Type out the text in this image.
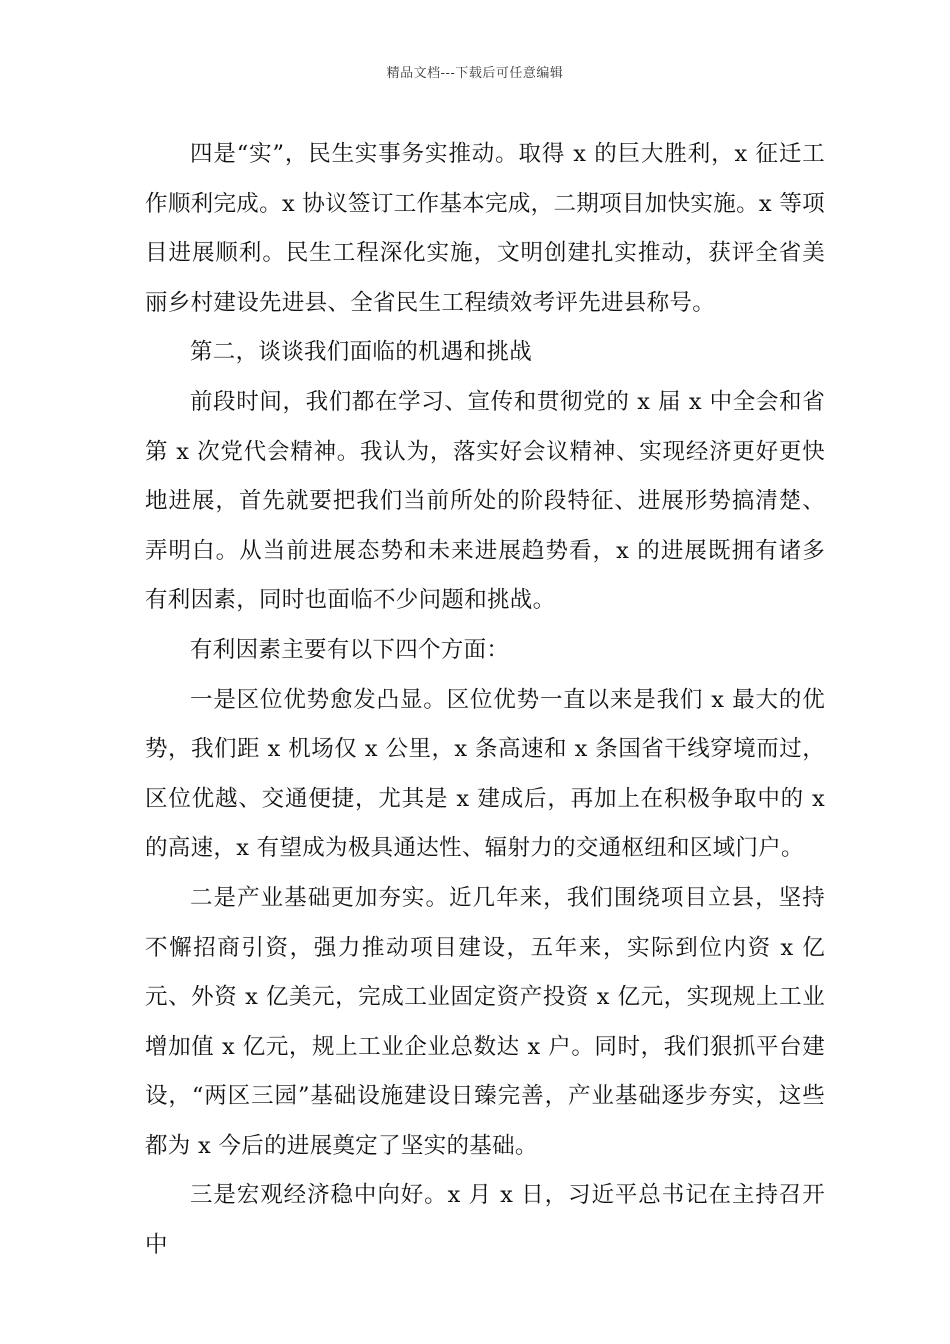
精品文档---下载后可任意编辑

四是“实”，民生实事务实推动。取得 x 的巨大胜利，x 征迁工作顺利完成。x 协议签订工作基本完成，二期项目加快实施。x 等项目进展顺利。民生工程深化实施，文明创建扎实推动，获评全省美丽乡村建设先进县、全省民生工程绩效考评先进县称号。

第二，谈谈我们面临的机遇和挑战

前段时间，我们都在学习、宣传和贯彻党的 x 届 x 中全会和省第 x 次党代会精神。我认为，落实好会议精神、实现经济更好更快地进展，首先就要把我们当前所处的阶段特征、进展形势搞清楚、弄明白。从当前进展态势和未来进展趋势看，x 的进展既拥有诸多有利因素，同时也面临不少问题和挑战。

有利因素主要有以下四个方面：

一是区位优势愈发凸显。区位优势一直以来是我们 x 最大的优势，我们距 x 机场仅 x 公里，x 条高速和 x 条国省干线穿境而过，区位优越、交通便捷，尤其是 x 建成后，再加上在积极争取中的 x 的高速，x 有望成为极具通达性、辐射力的交通枢纽和区域门户。

二是产业基础更加夯实。近几年来，我们围绕项目立县，坚持不懈招商引资，强力推动项目建设，五年来，实际到位内资 x 亿元、外资 x 亿美元，完成工业固定资产投资 x 亿元，实现规上工业增加值 x 亿元，规上工业企业总数达 x 户。同时，我们狠抓平台建设，“两区三园”基础设施建设日臻完善，产业基础逐步夯实，这些都为 x 今后的进展奠定了坚实的基础。

三是宏观经济稳中向好。x 月 x 日，习近平总书记在主持召开中
